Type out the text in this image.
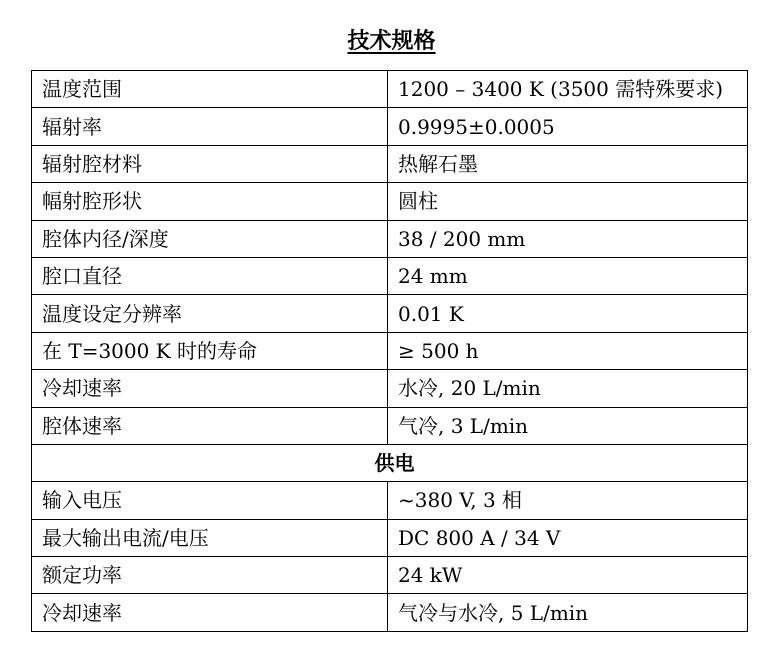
技术规格
温度范围	1200 – 3400 K (3500 需特殊要求)
辐射率	0.9995±0.0005
辐射腔材料	热解石墨
幅射腔形状	圆柱
腔体内径/深度	38 / 200 mm
腔口直径	24 mm
温度设定分辨率	0.01 K
在 T=3000 K 时的寿命	≥ 500 h
冷却速率	水冷, 20 L/min
腔体速率	气冷, 3 L/min
供电	
输入电压	~380 V, 3 相
最大输出电流/电压	DC 800 A / 34 V
额定功率	24 kW
冷却速率	气冷与水冷, 5 L/min
